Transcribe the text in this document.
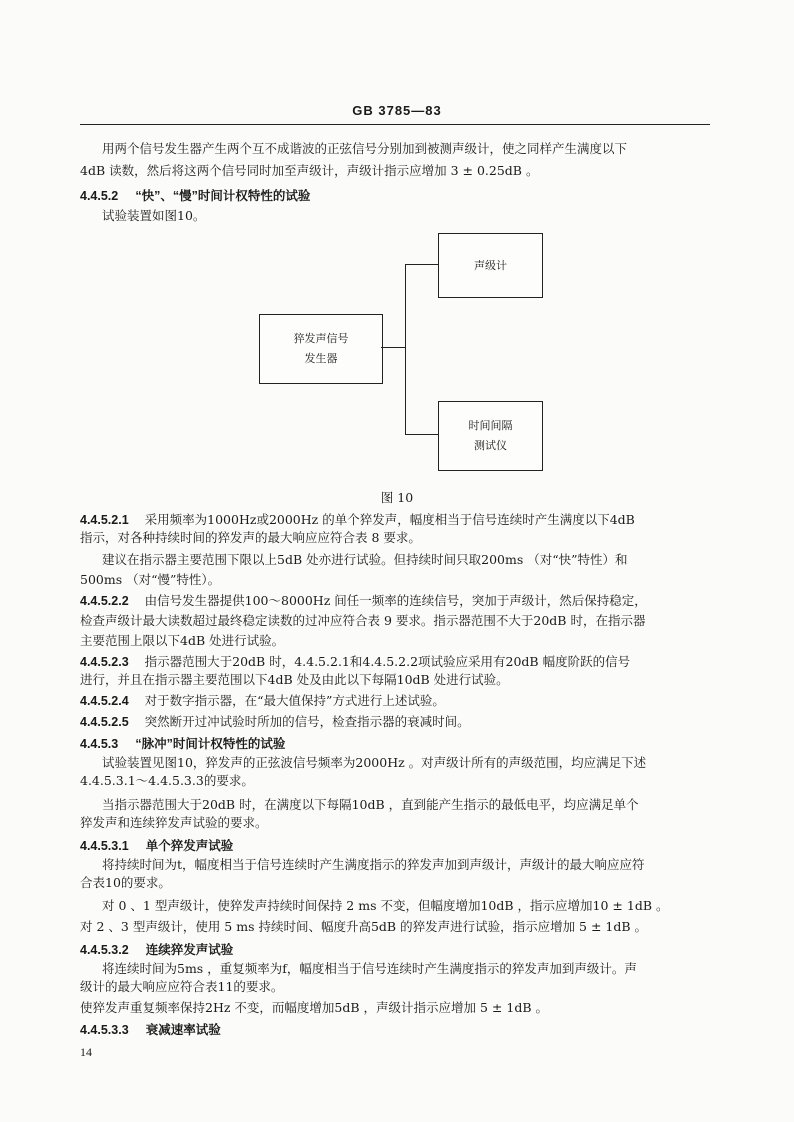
GB 3785—83
用两个信号发生器产生两个互不成谐波的正弦信号分别加到被测声级计，使之同样产生满度以下
4dB 读数，然后将这两个信号同时加至声级计，声级计指示应增加 3 ± 0.25dB 。
4.4.5.2 “快”、“慢”时间计权特性的试验
试验装置如图10。
猝发声信号
发生器
声级计
时间间隔
测试仪
图 10
4.4.5.2.1 采用频率为1000Hz或2000Hz 的单个猝发声，幅度相当于信号连续时产生满度以下4dB
指示，对各种持续时间的猝发声的最大响应应符合表 8 要求。
建议在指示器主要范围下限以上5dB 处亦进行试验。但持续时间只取200ms （对“快”特性）和
500ms （对“慢”特性）。
4.4.5.2.2 由信号发生器提供100～8000Hz 间任一频率的连续信号，突加于声级计，然后保持稳定，
检查声级计最大读数超过最终稳定读数的过冲应符合表 9 要求。指示器范围不大于20dB 时，在指示器
主要范围上限以下4dB 处进行试验。
4.4.5.2.3 指示器范围大于20dB 时，4.4.5.2.1和4.4.5.2.2项试验应采用有20dB 幅度阶跃的信号
进行，并且在指示器主要范围以下4dB 处及由此以下每隔10dB 处进行试验。
4.4.5.2.4 对于数字指示器，在“最大值保持”方式进行上述试验。
4.4.5.2.5 突然断开过冲试验时所加的信号，检查指示器的衰减时间。
4.4.5.3 “脉冲”时间计权特性的试验
试验装置见图10，猝发声的正弦波信号频率为2000Hz 。对声级计所有的声级范围，均应满足下述
4.4.5.3.1～4.4.5.3.3的要求。
当指示器范围大于20dB 时，在满度以下每隔10dB ，直到能产生指示的最低电平，均应满足单个
猝发声和连续猝发声试验的要求。
4.4.5.3.1 单个猝发声试验
将持续时间为t，幅度相当于信号连续时产生满度指示的猝发声加到声级计，声级计的最大响应应符
合表10的要求。
对 0 、1 型声级计，使猝发声持续时间保持 2 ms 不变，但幅度增加10dB ，指示应增加10 ± 1dB 。
对 2 、3 型声级计，使用 5 ms 持续时间、幅度升高5dB 的猝发声进行试验，指示应增加 5 ± 1dB 。
4.4.5.3.2 连续猝发声试验
将连续时间为5ms ，重复频率为f，幅度相当于信号连续时产生满度指示的猝发声加到声级计。声
级计的最大响应应符合表11的要求。
使猝发声重复频率保持2Hz 不变，而幅度增加5dB ，声级计指示应增加 5 ± 1dB 。
4.4.5.3.3 衰减速率试验
14
